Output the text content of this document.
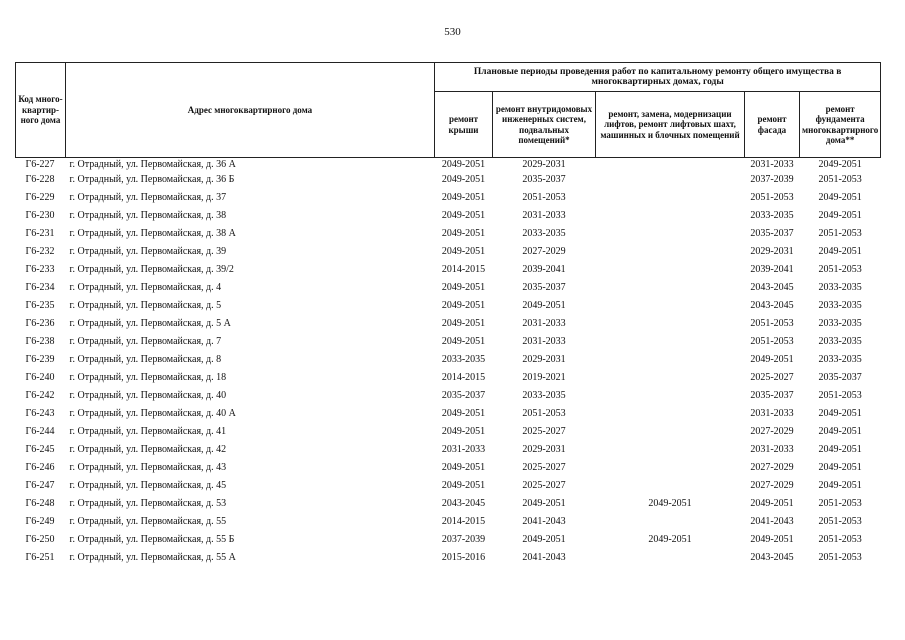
530
Код много-квартир-ного дома	Адрес многоквартирного дома	Плановые периоды проведения работ по капитальному ремонту общего имущества в многоквартирных домах, годы				
		ремонт крыши	ремонт внутридомовых инженерных систем, подвальных помещений*	ремонт, замена, модернизации лифтов, ремонт лифтовых шахт, машинных и блочных помещений	ремонт фасада	ремонт фундамента многоквартирного дома**
Г6-227	г. Отрадный, ул. Первомайская, д. 36 А	2049-2051	2029-2031		2031-2033	2049-2051
Г6-228	г. Отрадный, ул. Первомайская, д. 36 Б	2049-2051	2035-2037		2037-2039	2051-2053
Г6-229	г. Отрадный, ул. Первомайская, д. 37	2049-2051	2051-2053		2051-2053	2049-2051
Г6-230	г. Отрадный, ул. Первомайская, д. 38	2049-2051	2031-2033		2033-2035	2049-2051
Г6-231	г. Отрадный, ул. Первомайская, д. 38 А	2049-2051	2033-2035		2035-2037	2051-2053
Г6-232	г. Отрадный, ул. Первомайская, д. 39	2049-2051	2027-2029		2029-2031	2049-2051
Г6-233	г. Отрадный, ул. Первомайская, д. 39/2	2014-2015	2039-2041		2039-2041	2051-2053
Г6-234	г. Отрадный, ул. Первомайская, д. 4	2049-2051	2035-2037		2043-2045	2033-2035
Г6-235	г. Отрадный, ул. Первомайская, д. 5	2049-2051	2049-2051		2043-2045	2033-2035
Г6-236	г. Отрадный, ул. Первомайская, д. 5 А	2049-2051	2031-2033		2051-2053	2033-2035
Г6-238	г. Отрадный, ул. Первомайская, д. 7	2049-2051	2031-2033		2051-2053	2033-2035
Г6-239	г. Отрадный, ул. Первомайская, д. 8	2033-2035	2029-2031		2049-2051	2033-2035
Г6-240	г. Отрадный, ул. Первомайская, д. 18	2014-2015	2019-2021		2025-2027	2035-2037
Г6-242	г. Отрадный, ул. Первомайская, д. 40	2035-2037	2033-2035		2035-2037	2051-2053
Г6-243	г. Отрадный, ул. Первомайская, д. 40 А	2049-2051	2051-2053		2031-2033	2049-2051
Г6-244	г. Отрадный, ул. Первомайская, д. 41	2049-2051	2025-2027		2027-2029	2049-2051
Г6-245	г. Отрадный, ул. Первомайская, д. 42	2031-2033	2029-2031		2031-2033	2049-2051
Г6-246	г. Отрадный, ул. Первомайская, д. 43	2049-2051	2025-2027		2027-2029	2049-2051
Г6-247	г. Отрадный, ул. Первомайская, д. 45	2049-2051	2025-2027		2027-2029	2049-2051
Г6-248	г. Отрадный, ул. Первомайская, д. 53	2043-2045	2049-2051	2049-2051	2049-2051	2051-2053
Г6-249	г. Отрадный, ул. Первомайская, д. 55	2014-2015	2041-2043		2041-2043	2051-2053
Г6-250	г. Отрадный, ул. Первомайская, д. 55 Б	2037-2039	2049-2051	2049-2051	2049-2051	2051-2053
Г6-251	г. Отрадный, ул. Первомайская, д. 55 А	2015-2016	2041-2043		2043-2045	2051-2053
